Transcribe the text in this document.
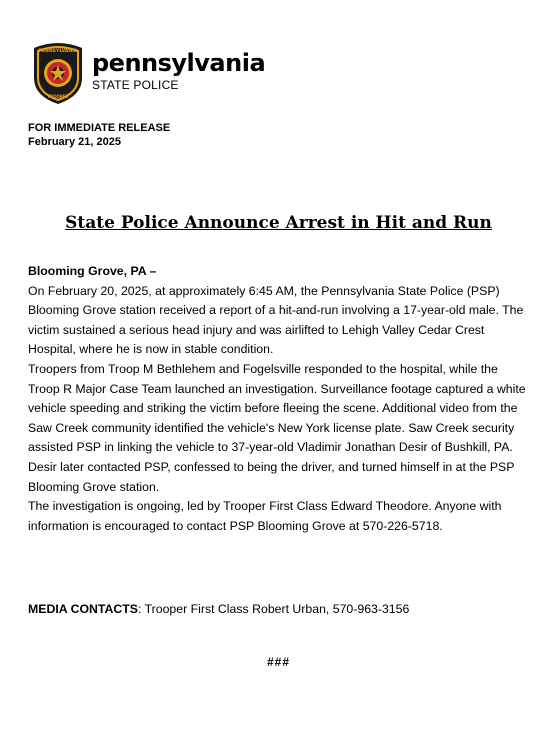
PENNSYLVANIA
TROOPER
pennsylvania
STATE POLICE
FOR IMMEDIATE RELEASE
February 21, 2025
State Police Announce Arrest in Hit and Run

Blooming Grove, PA –

On February 20, 2025, at approximately 6:45 AM, the Pennsylvania State Police (PSP) Blooming Grove station received a report of a hit-and-run involving a 17-year-old male. The victim sustained a serious head injury and was airlifted to Lehigh Valley Cedar Crest Hospital, where he is now in stable condition.

Troopers from Troop M Bethlehem and Fogelsville responded to the hospital, while the Troop R Major Case Team launched an investigation. Surveillance footage captured a white vehicle speeding and striking the victim before fleeing the scene. Additional video from the Saw Creek community identified the vehicle's New York license plate. Saw Creek security assisted PSP in linking the vehicle to 37-year-old Vladimir Jonathan Desir of Bushkill, PA.

Desir later contacted PSP, confessed to being the driver, and turned himself in at the PSP Blooming Grove station.

The investigation is ongoing, led by Trooper First Class Edward Theodore. Anyone with information is encouraged to contact PSP Blooming Grove at 570-226-5718.

MEDIA CONTACTS: Trooper First Class Robert Urban, 570-963-3156
###
